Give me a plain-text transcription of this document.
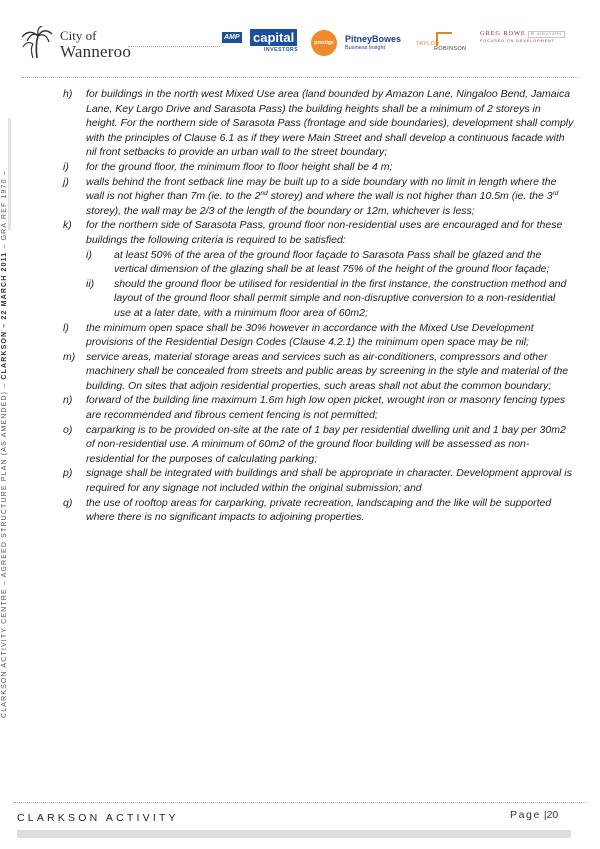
City of
Wanneroo
AMP capital
INVESTORS
prestige	PitneyBowes
Business Insight
TAYLOR
ROBINSON
GREG ROWE & associates
FOCUSED ON DEVELOPMENT
CLARKSON ACTIVITY CENTRE – AGREED STRUCTURE PLAN (AS AMENDED) – CLARKSON – 22 MARCH 2011 – GRA REF 1970 –
h) for buildings in the north west Mixed Use area (land bounded by Amazon Lane, Ningaloo Bend, Jamaica Lane, Key Largo Drive and Sarasota Pass) the building heights shall be a minimum of 2 storeys in height. For the northern side of Sarasota Pass (frontage and side boundaries), development shall comply with the principles of Clause 6.1 as if they were Main Street and shall develop a continuous facade with nil front setbacks to provide an urban wall to the street boundary;
i) for the ground floor, the minimum floor to floor height shall be 4 m;
j) walls behind the front setback line may be built up to a side boundary with no limit in length where the wall is not higher than 7m (ie. to the 2nd storey) and where the wall is not higher than 10.5m (ie. the 3rd storey), the wall may be 2/3 of the length of the boundary or 12m, whichever is less;
k) for the northern side of Sarasota Pass, ground floor non-residential uses are encouraged and for these buildings the following criteria is required to be satisfied:
i) at least 50% of the area of the ground floor façade to Sarasota Pass shall be glazed and the vertical dimension of the glazing shall be at least 75% of the height of the ground floor façade;
ii) should the ground floor be utilised for residential in the first instance, the construction method and layout of the ground floor shall permit simple and non-disruptive conversion to a non-residential use at a later date, with a minimum floor area of 60m2;
l) the minimum open space shall be 30% however in accordance with the Mixed Use Development provisions of the Residential Design Codes (Clause 4.2.1) the minimum open space may be nil;
m) service areas, material storage areas and services such as air-conditioners, compressors and other machinery shall be concealed from streets and public areas by screening in the style and material of the building. On sites that adjoin residential properties, such areas shall not abut the common boundary;
n) forward of the building line maximum 1.6m high low open picket, wrought iron or masonry fencing types are recommended and fibrous cement fencing is not permitted;
o) carparking is to be provided on-site at the rate of 1 bay per residential dwelling unit and 1 bay per 30m2 of non-residential use. A minimum of 60m2 of the ground floor building will be assessed as non-residential for the purposes of calculating parking;
p) signage shall be integrated with buildings and shall be appropriate in character. Development approval is required for any signage not included within the original submission; and
q) the use of rooftop areas for carparking, private recreation, landscaping and the like will be supported where there is no significant impacts to adjoining properties.
CLARKSON ACTIVITY	Page |20
